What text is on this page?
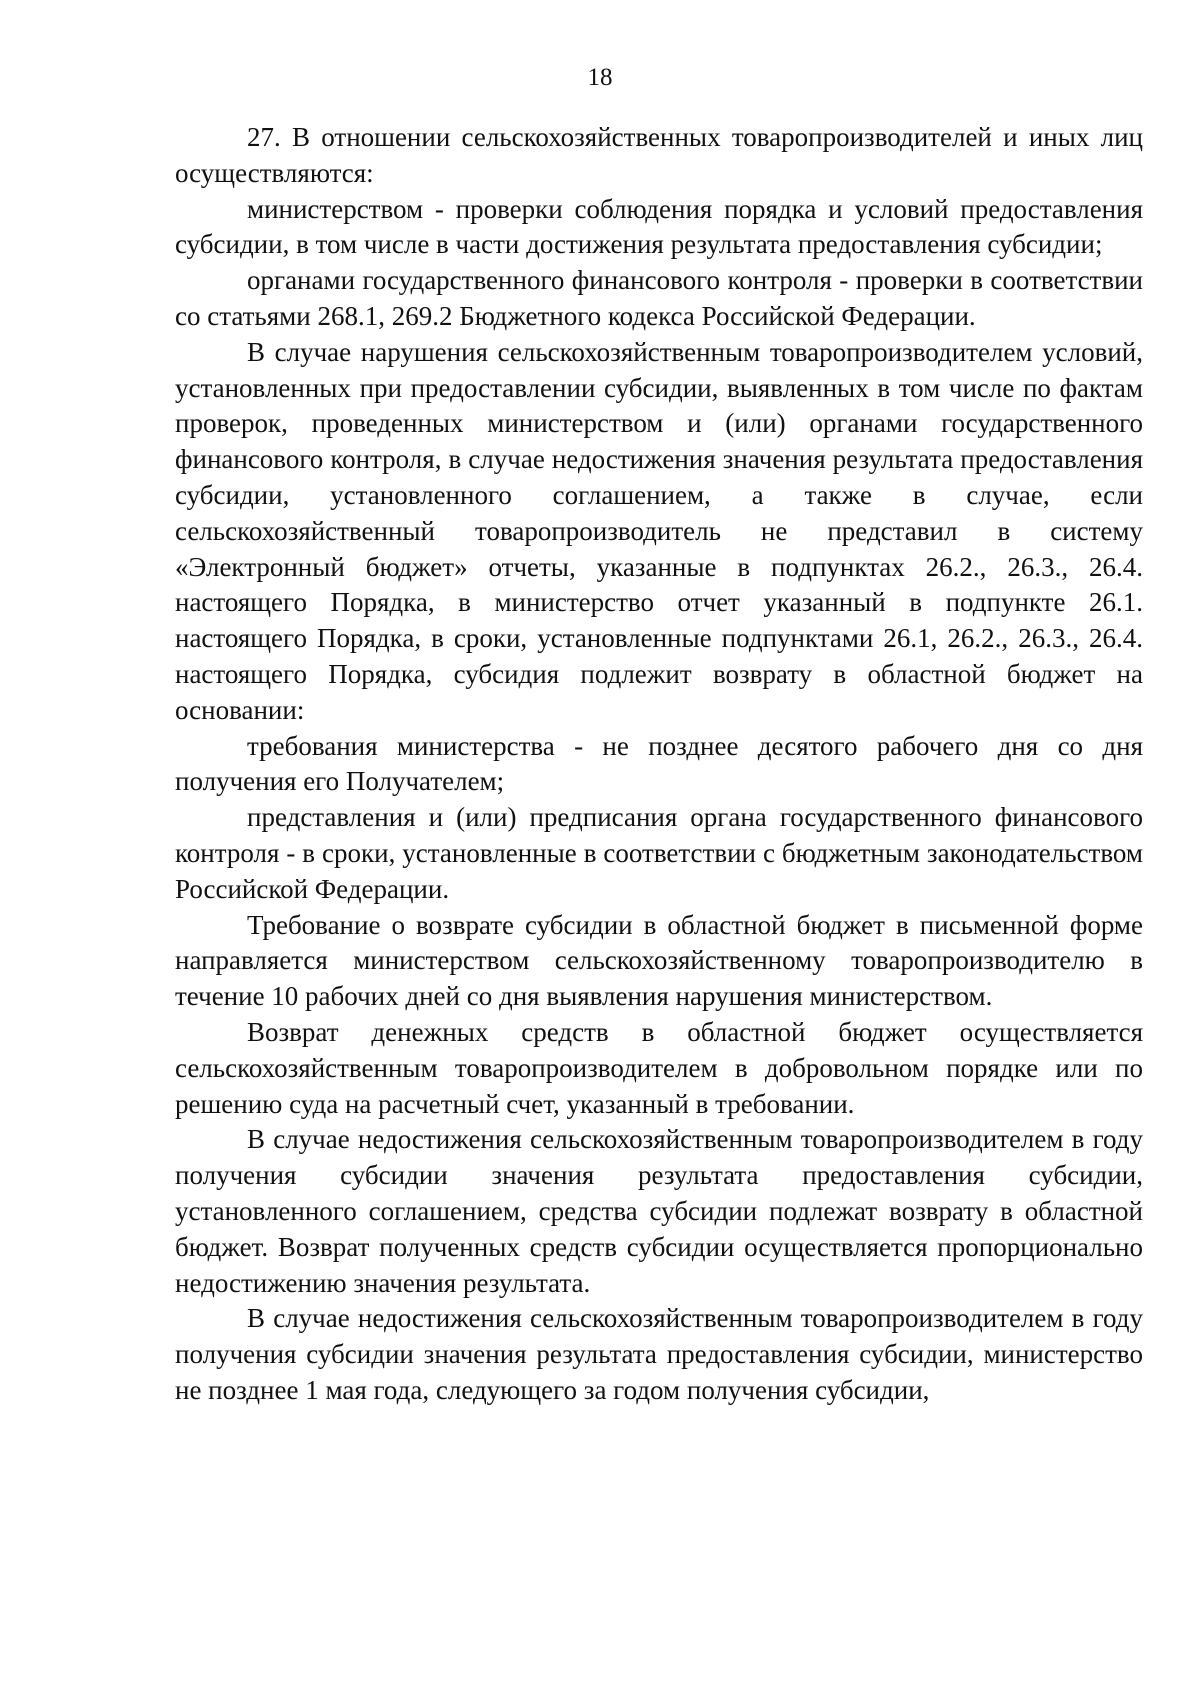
18

27. В отношении сельскохозяйственных товаропроизводителей и иных лиц осуществляются:

министерством - проверки соблюдения порядка и условий предоставления субсидии, в том числе в части достижения результата предоставления субсидии;

органами государственного финансового контроля - проверки в соответствии со статьями 268.1, 269.2 Бюджетного кодекса Российской Федерации.

В случае нарушения сельскохозяйственным товаропроизводителем условий, установленных при предоставлении субсидии, выявленных в том числе по фактам проверок, проведенных министерством и (или) органами государственного финансового контроля, в случае недостижения значения результата предоставления субсидии, установленного соглашением, а также в случае, если сельскохозяйственный товаропроизводитель не представил в систему «Электронный бюджет» отчеты, указанные в подпунктах 26.2., 26.3., 26.4. настоящего Порядка, в министерство отчет указанный в подпункте 26.1. настоящего Порядка, в сроки, установленные подпунктами 26.1, 26.2., 26.3., 26.4. настоящего Порядка, субсидия подлежит возврату в областной бюджет на основании:

требования министерства - не позднее десятого рабочего дня со дня получения его Получателем;

представления и (или) предписания органа государственного финансового контроля - в сроки, установленные в соответствии с бюджетным законодательством Российской Федерации.

Требование о возврате субсидии в областной бюджет в письменной форме направляется министерством сельскохозяйственному товаропроизводителю в течение 10 рабочих дней со дня выявления нарушения министерством.

Возврат денежных средств в областной бюджет осуществляется сельскохозяйственным товаропроизводителем в добровольном порядке или по решению суда на расчетный счет, указанный в требовании.

В случае недостижения сельскохозяйственным товаропроизводителем в году получения субсидии значения результата предоставления субсидии, установленного соглашением, средства субсидии подлежат возврату в областной бюджет. Возврат полученных средств субсидии осуществляется пропорционально недостижению значения результата.

В случае недостижения сельскохозяйственным товаропроизводителем в году получения субсидии значения результата предоставления субсидии, министерство не позднее 1 мая года, следующего за годом получения субсидии,
